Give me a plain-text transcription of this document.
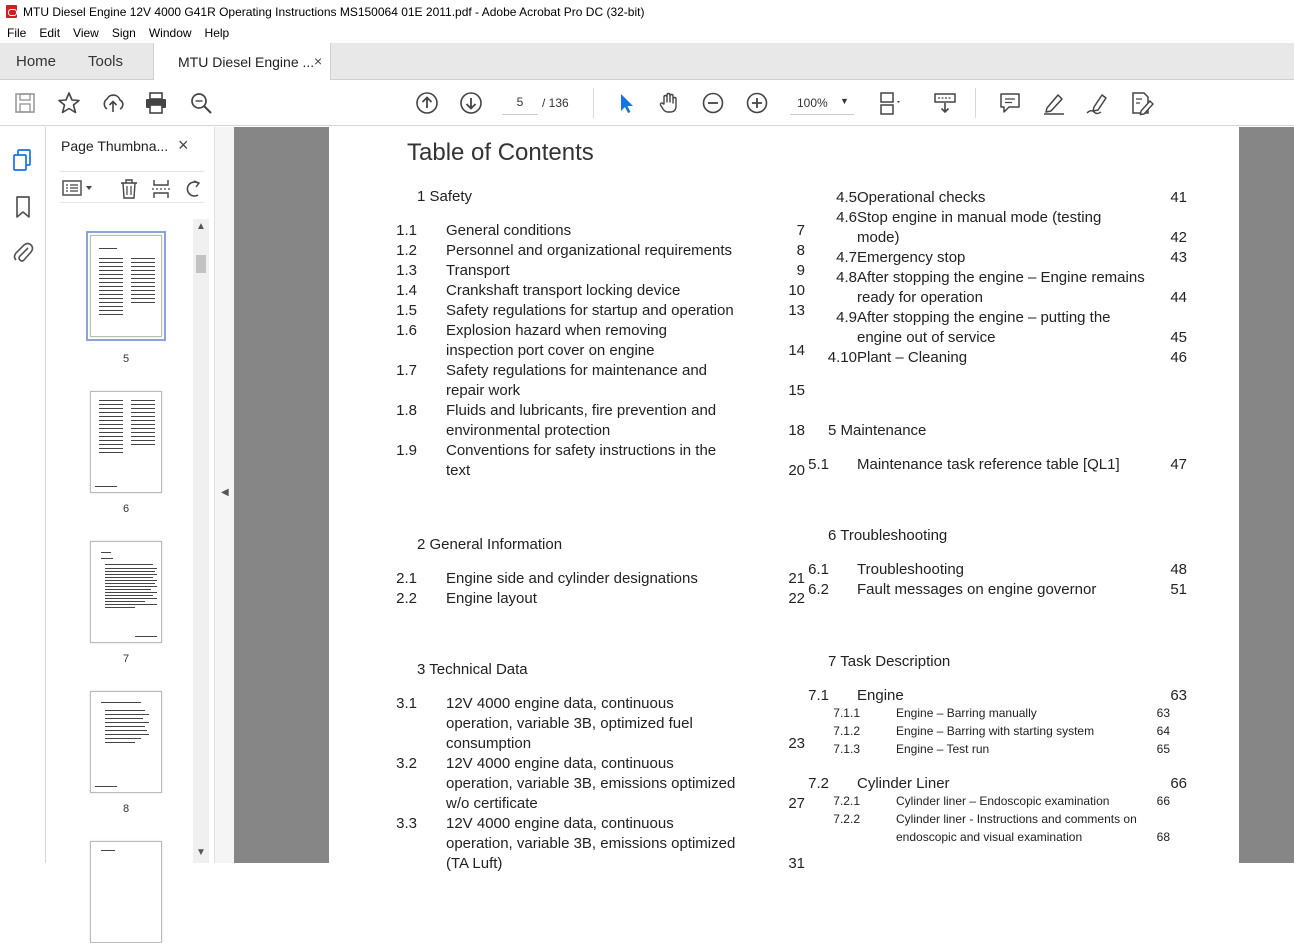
MTU Diesel Engine 12V 4000 G41R Operating Instructions MS150064 01E 2011.pdf - Adobe Acrobat Pro DC (32-bit)
File	Edit	View	Sign	Window	Help
Home Tools	MTU Diesel Engine ... ×
5	/ 136	100% ▼
Page Thumbna... ×
5
6
7
8
▲
▼
◀
Table of Contents
1 Safety
2 General Information
3 Technical Data
5 Maintenance
6 Troubleshooting
7 Task Description
1.1 General conditions	7
1.2 Personnel and organizational requirements	8
1.3 Transport	9
1.4 Crankshaft transport locking device	10
1.5 Safety regulations for startup and operation	13
1.6 Explosion hazard when removing
inspection port cover on engine	14
1.7 Safety regulations for maintenance and
repair work	15
1.8 Fluids and lubricants, fire prevention and
environmental protection	18
1.9 Conventions for safety instructions in the
text	20
2.1 Engine side and cylinder designations	21
2.2 Engine layout	22
3.1 12V 4000 engine data, continuous
operation, variable 3B, optimized fuel
consumption	23
3.2 12V 4000 engine data, continuous
operation, variable 3B, emissions optimized
w/o certificate	27
3.3 12V 4000 engine data, continuous
operation, variable 3B, emissions optimized
(TA Luft)	31
4.5 Operational checks	41
4.6 Stop engine in manual mode (testing
mode)	42
4.7 Emergency stop	43
4.8 After stopping the engine – Engine remains
ready for operation	44
4.9 After stopping the engine – putting the
engine out of service	45
4.10 Plant – Cleaning	46
5.1 Maintenance task reference table [QL1]	47
6.1 Troubleshooting	48
6.2 Fault messages on engine governor	51
7.1 Engine	63
7.1.1	Engine – Barring manually	63
7.1.2	Engine – Barring with starting system	64
7.1.3	Engine – Test run	65
7.2 Cylinder Liner	66
7.2.1	Cylinder liner – Endoscopic examination	66
7.2.2	Cylinder liner - Instructions and comments on
endoscopic and visual examination	68
